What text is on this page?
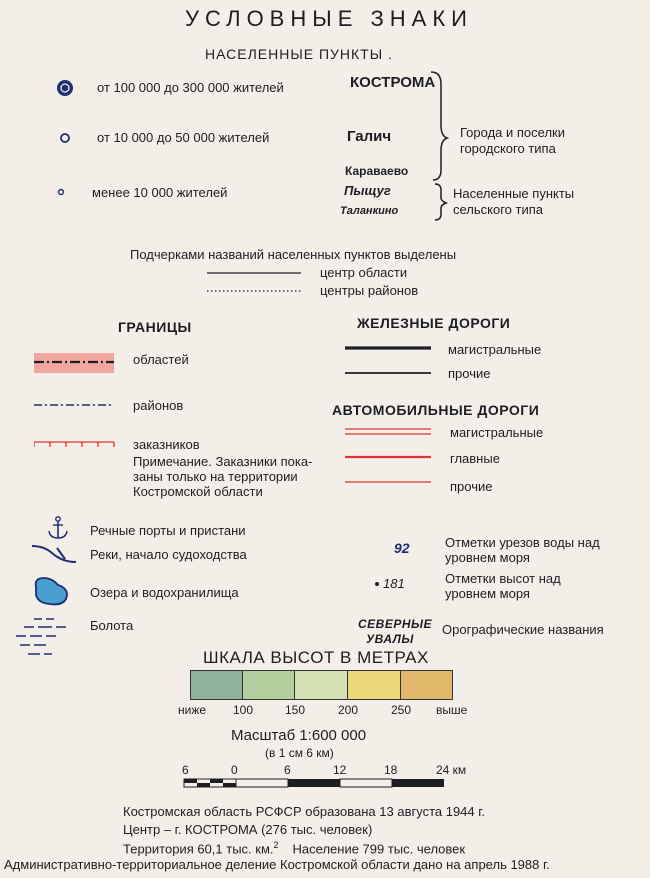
УСЛОВНЫЕ ЗНАКИ
НАСЕЛЕННЫЕ ПУНКТЫ .
от 100 000 до 300 000 жителей	КОСТРОМА
от 10 000 до 50 000 жителей	Галич
Караваево
менее 10 000 жителей	Пыщуг
Таланкино
Города и поселки городского типа
Населенные пункты сельского типа
Подчерками названий населенных пунктов выделены
центр области
центры районов
ГРАНИЦЫ
областей
районов
заказников
Примечание. Заказники пока-
заны только на территории
Костромской области
ЖЕЛЕЗНЫЕ ДОРОГИ
магистральные
прочие
АВТОМОБИЛЬНЫЕ ДОРОГИ
магистральные
главные
прочие
Речные порты и пристани
Реки, начало судоходства
Озера и водохранилища
Болота
92	Отметки урезов воды над
уровнем моря
181	Отметки высот над
уровнем моря
СЕВЕРНЫЕ
УВАЛЫ
Орографические названия
ШКАЛА ВЫСОТ В МЕТРАХ
ниже 100	150	200	250 выше
Масштаб 1:600 000
(в 1 см 6 км)
6	0	6	12	18	24 км
Костромская область РСФСР образована 13 августа 1944 г.
Центр – г. КОСТРОМА (276 тыс. человек)
Территория 60,1 тыс. км.$^2$ Население 799 тыс. человек
Административно-территориальное деление Костромской области дано на апрель 1988 г.
